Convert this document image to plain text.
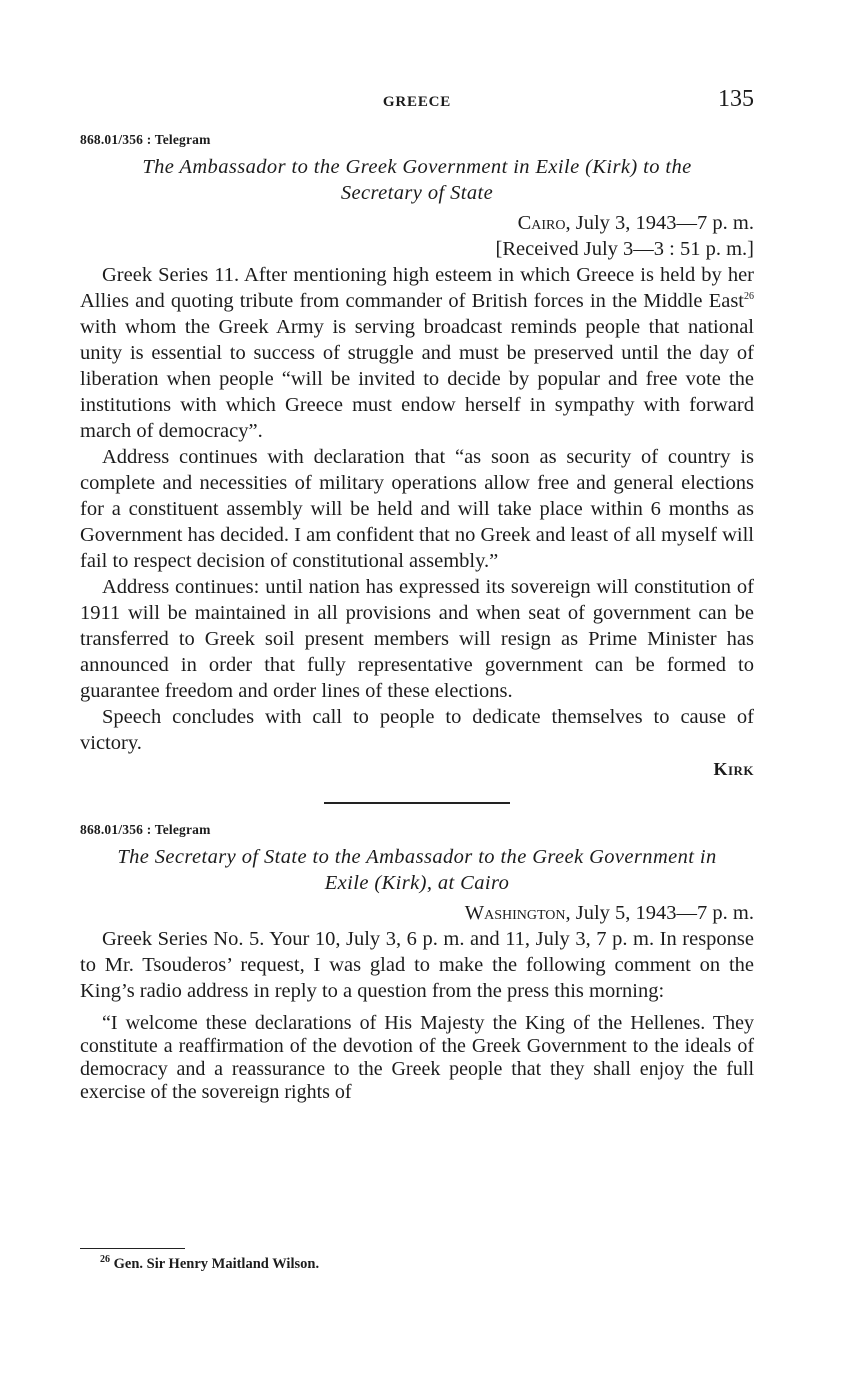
GREECE	135
868.01/356 : Telegram
The Ambassador to the Greek Government in Exile (Kirk) to the
Secretary of State
Cairo, July 3, 1943—7 p. m.
[Received July 3—3 : 51 p. m.]

Greek Series 11. After mentioning high esteem in which Greece is held by her Allies and quoting tribute from commander of British forces in the Middle East$^{26}$ with whom the Greek Army is serving broadcast reminds people that national unity is essential to success of struggle and must be preserved until the day of liberation when people “will be invited to decide by popular and free vote the institutions with which Greece must endow herself in sympathy with forward march of democracy”.

Address continues with declaration that “as soon as security of country is complete and necessities of military operations allow free and general elections for a constituent assembly will be held and will take place within 6 months as Government has decided. I am confident that no Greek and least of all myself will fail to respect decision of constitutional assembly.”

Address continues: until nation has expressed its sovereign will constitution of 1911 will be maintained in all provisions and when seat of government can be transferred to Greek soil present members will resign as Prime Minister has announced in order that fully representative government can be formed to guarantee freedom and order lines of these elections.

Speech concludes with call to people to dedicate themselves to cause of victory.

Kirk
868.01/356 : Telegram
The Secretary of State to the Ambassador to the Greek Government in
Exile (Kirk), at Cairo
Washington, July 5, 1943—7 p. m.

Greek Series No. 5. Your 10, July 3, 6 p. m. and 11, July 3, 7 p. m. In response to Mr. Tsouderos’ request, I was glad to make the following comment on the King’s radio address in reply to a question from the press this morning:

“I welcome these declarations of His Majesty the King of the Hellenes. They constitute a reaffirmation of the devotion of the Greek Government to the ideals of democracy and a reassurance to the Greek people that they shall enjoy the full exercise of the sovereign rights of

$^{26}$ Gen. Sir Henry Maitland Wilson.
